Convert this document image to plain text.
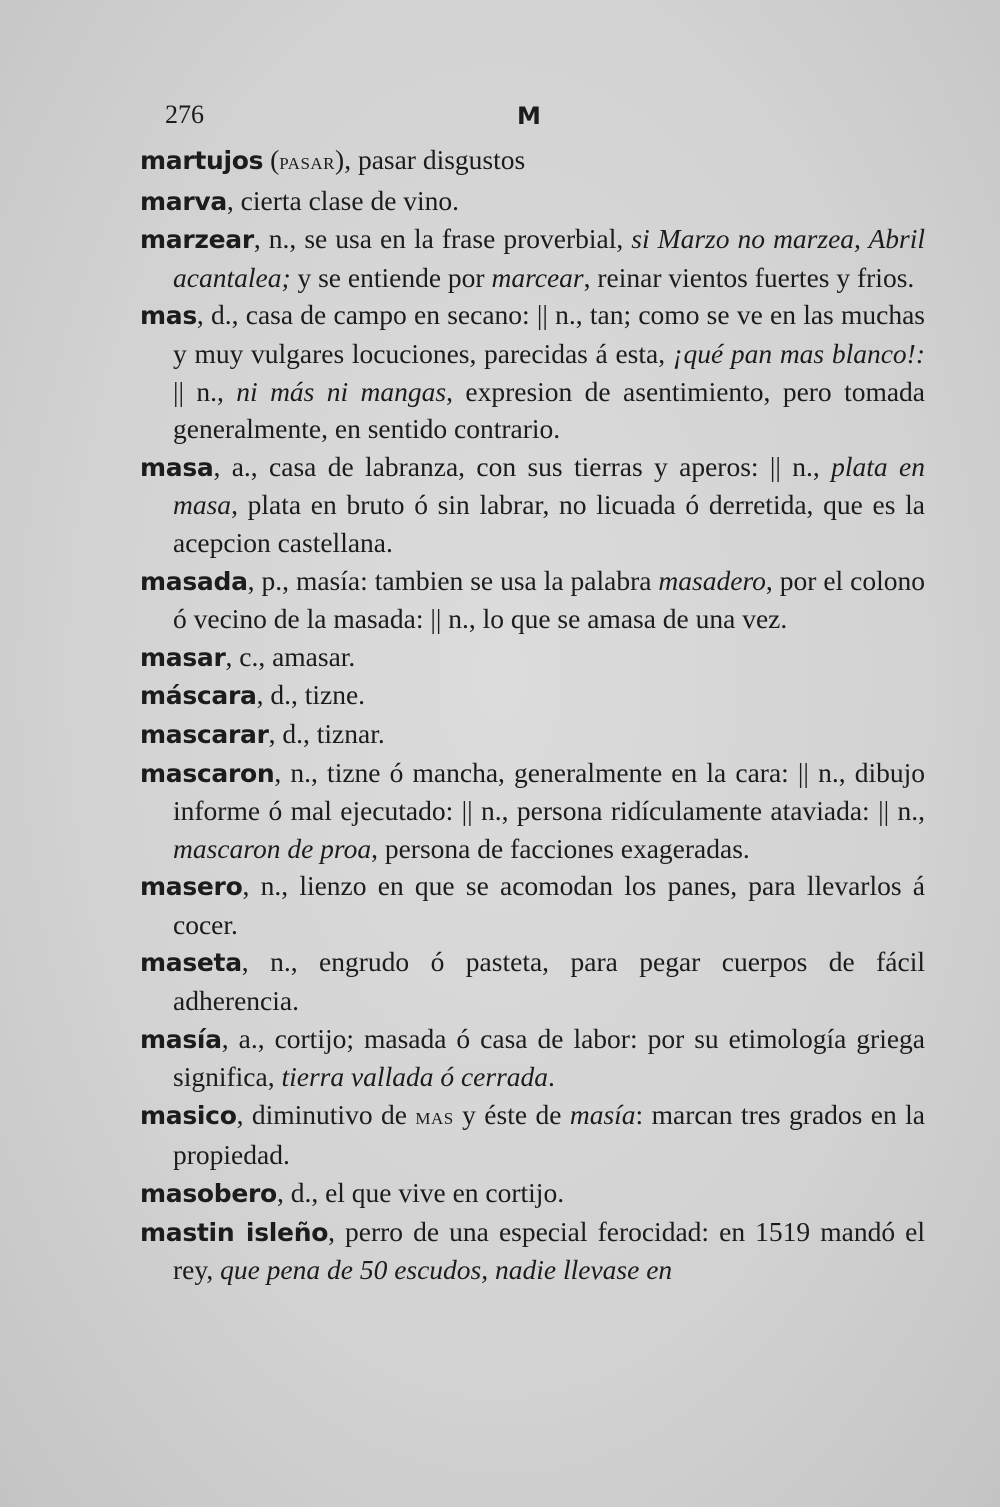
276	M
martujos (pasar), pasar disgustos
marva, cierta clase de vino.
marzear, n., se usa en la frase proverbial, si Marzo no marzea, Abril acantalea; y se entiende por marcear, reinar vientos fuertes y frios.
mas, d., casa de campo en secano: || n., tan; como se ve en las muchas y muy vulgares locuciones, parecidas á esta, ¡qué pan mas blanco!: || n., ni más ni mangas, expresion de asentimiento, pero tomada generalmente, en sentido contrario.
masa, a., casa de labranza, con sus tierras y aperos: || n., plata en masa, plata en bruto ó sin labrar, no licuada ó derretida, que es la acepcion castellana.
masada, p., masía: tambien se usa la palabra masadero, por el colono ó vecino de la masada: || n., lo que se amasa de una vez.
masar, c., amasar.
máscara, d., tizne.
mascarar, d., tiznar.
mascaron, n., tizne ó mancha, generalmente en la cara: || n., dibujo informe ó mal ejecutado: || n., persona ridículamente ataviada: || n., mascaron de proa, persona de facciones exageradas.
masero, n., lienzo en que se acomodan los panes, para llevarlos á cocer.
maseta, n., engrudo ó pasteta, para pegar cuerpos de fácil adherencia.
masía, a., cortijo; masada ó casa de labor: por su etimología griega significa, tierra vallada ó cerrada.
masico, diminutivo de mas y éste de masía: marcan tres grados en la propiedad.
masobero, d., el que vive en cortijo.
mastin isleño, perro de una especial ferocidad: en 1519 mandó el rey, que pena de 50 escudos, nadie llevase en
